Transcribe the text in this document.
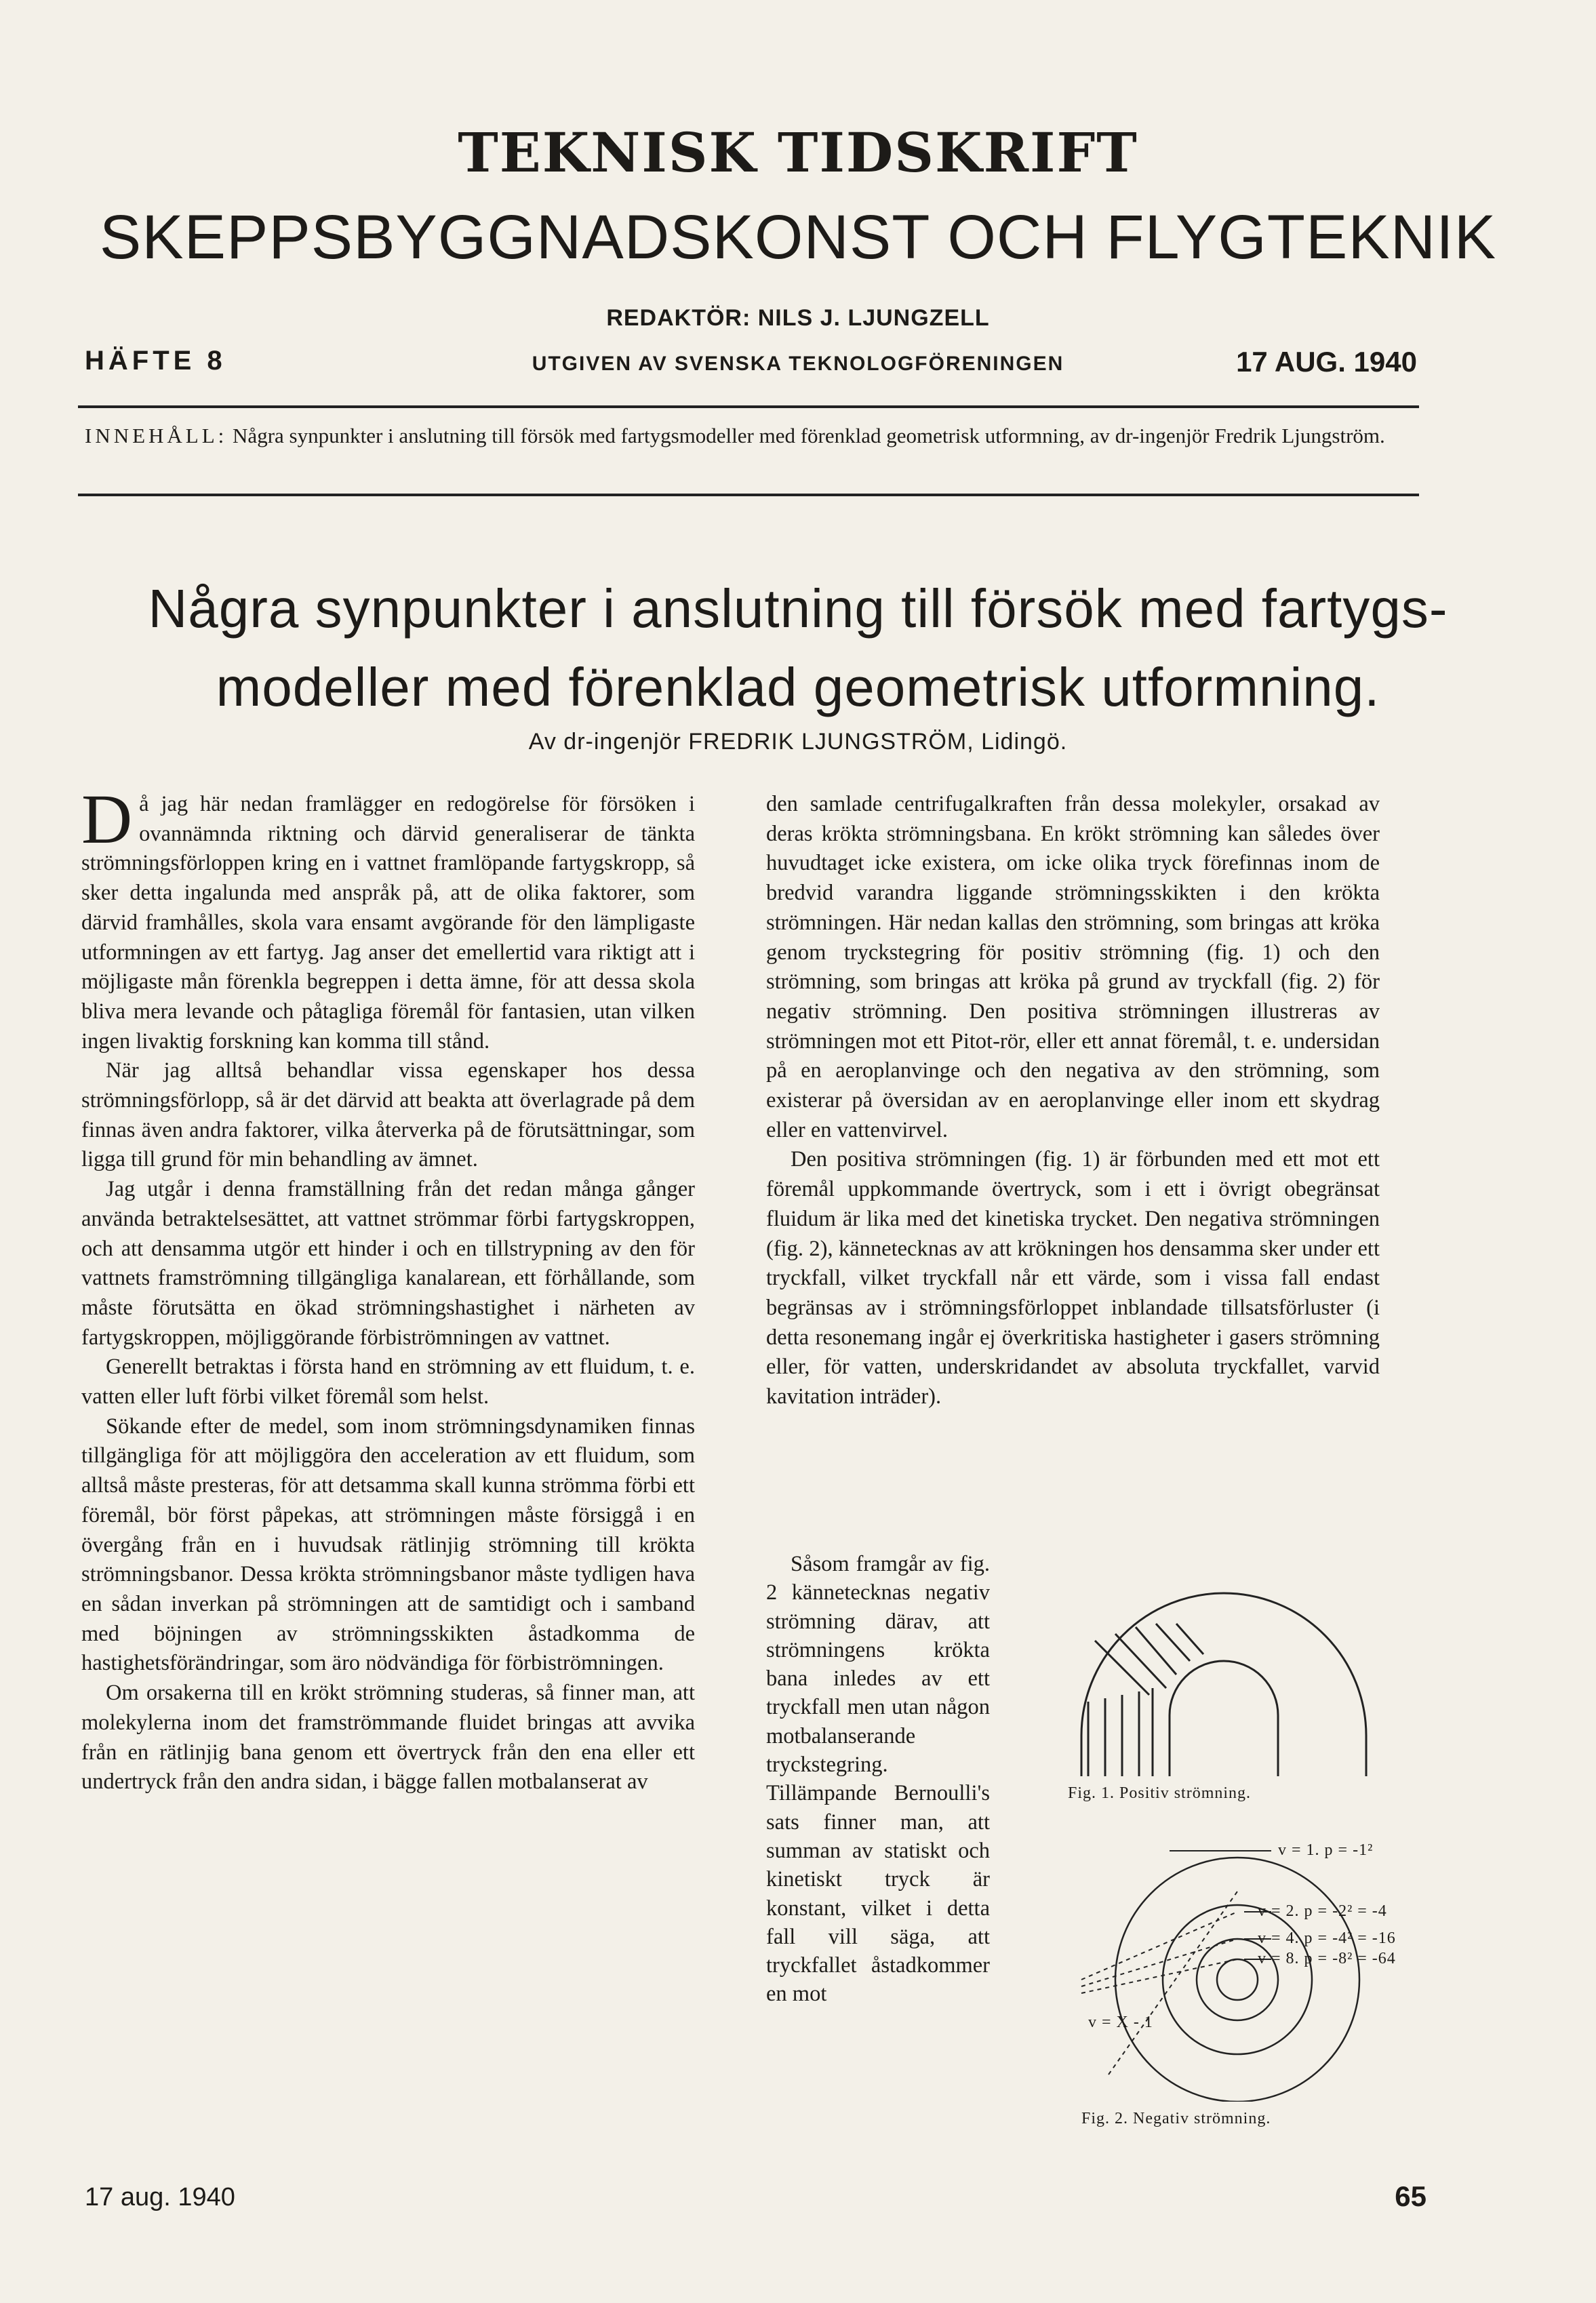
TEKNISK TIDSKRIFT
SKEPPSBYGGNADSKONST OCH FLYGTEKNIK
REDAKTÖR: NILS J. LJUNGZELL
HÄFTE 8	UTGIVEN AV SVENSKA TEKNOLOGFÖRENINGEN	17 AUG. 1940
INNEHÅLL: Några synpunkter i anslutning till försök med fartygsmodeller med förenklad geometrisk utformning, av dr-ingenjör Fredrik Ljungström.
Några synpunkter i anslutning till försök med fartygs-
modeller med förenklad geometrisk utformning.
Av dr-ingenjör FREDRIK LJUNGSTRÖM, Lidingö.

Då jag här nedan framlägger en redogörelse för försöken i ovannämnda riktning och därvid generaliserar de tänkta strömningsförloppen kring en i vattnet framlöpande fartygskropp, så sker detta ingalunda med anspråk på, att de olika faktorer, som därvid framhålles, skola vara ensamt avgörande för den lämpligaste utformningen av ett fartyg. Jag anser det emellertid vara riktigt att i möjligaste mån förenkla begreppen i detta ämne, för att dessa skola bliva mera levande och påtagliga föremål för fantasien, utan vilken ingen livaktig forskning kan komma till stånd.

När jag alltså behandlar vissa egenskaper hos dessa strömningsförlopp, så är det därvid att beakta att överlagrade på dem finnas även andra faktorer, vilka återverka på de förutsättningar, som ligga till grund för min behandling av ämnet.

Jag utgår i denna framställning från det redan många gånger använda betraktelsesättet, att vattnet strömmar förbi fartygskroppen, och att densamma utgör ett hinder i och en tillstrypning av den för vattnets framströmning tillgängliga kanalarean, ett förhållande, som måste förutsätta en ökad strömningshastighet i närheten av fartygskroppen, möjliggörande förbiströmningen av vattnet.

Generellt betraktas i första hand en strömning av ett fluidum, t. e. vatten eller luft förbi vilket föremål som helst.

Sökande efter de medel, som inom strömningsdynamiken finnas tillgängliga för att möjliggöra den acceleration av ett fluidum, som alltså måste presteras, för att detsamma skall kunna strömma förbi ett föremål, bör först påpekas, att strömningen måste försiggå i en övergång från en i huvudsak rätlinjig strömning till krökta strömningsbanor. Dessa krökta strömningsbanor måste tydligen hava en sådan inverkan på strömningen att de samtidigt och i samband med böjningen av strömningsskikten åstadkomma de hastighetsförändringar, som äro nödvändiga för förbiströmningen.

Om orsakerna till en krökt strömning studeras, så finner man, att molekylerna inom det framströmmande fluidet bringas att avvika från en rätlinjig bana genom ett övertryck från den ena eller ett undertryck från den andra sidan, i bägge fallen motbalanserat av

den samlade centrifugalkraften från dessa molekyler, orsakad av deras krökta strömningsbana. En krökt strömning kan således över huvudtaget icke existera, om icke olika tryck förefinnas inom de bredvid varandra liggande strömningsskikten i den krökta strömningen. Här nedan kallas den strömning, som bringas att kröka genom tryckstegring för positiv strömning (fig. 1) och den strömning, som bringas att kröka på grund av tryckfall (fig. 2) för negativ strömning. Den positiva strömningen illustreras av strömningen mot ett Pitot-rör, eller ett annat föremål, t. e. undersidan på en aeroplanvinge och den negativa av den strömning, som existerar på översidan av en aeroplanvinge eller inom ett skydrag eller en vattenvirvel.

Den positiva strömningen (fig. 1) är förbunden med ett mot ett föremål uppkommande övertryck, som i ett i övrigt obegränsat fluidum är lika med det kinetiska trycket. Den negativa strömningen (fig. 2), kännetecknas av att krökningen hos densamma sker under ett tryckfall, vilket tryckfall når ett värde, som i vissa fall endast begränsas av i strömningsförloppet inblandade tillsatsförluster (i detta resonemang ingår ej överkritiska hastigheter i gasers strömning eller, för vatten, underskridandet av absoluta tryckfallet, varvid kavitation inträder).

Såsom framgår av fig. 2 kännetecknas negativ strömning därav, att strömningens krökta bana inledes av ett tryckfall men utan någon motbalanserande tryckstegring. Tillämpande Bernoulli's sats finner man, att summan av statiskt och kinetiskt tryck är konstant, vilket i detta fall vill säga, att tryckfallet åstadkommer en mot

Fig. 1. Positiv strömning.
v = 1. p = -1²
v = 2. p = -2² = -4
v = 4. p = -4² = -16
v = 8. p = -8² = -64
v = X - 1
Fig. 2. Negativ strömning.
17 aug. 1940	65
